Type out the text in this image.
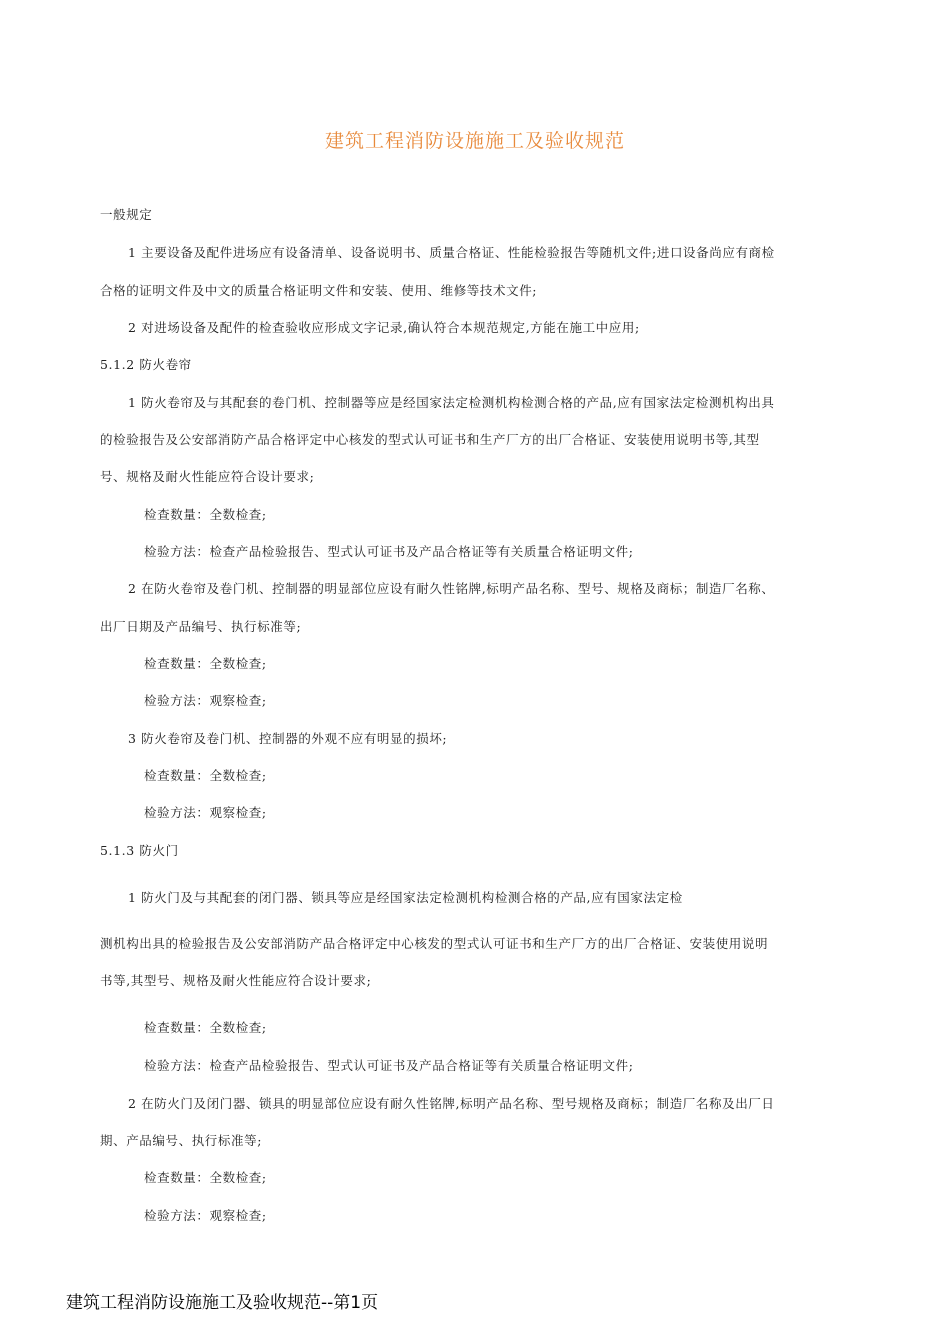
建筑工程消防设施施工及验收规范
一般规定
1 主要设备及配件进场应有设备清单、设备说明书、质量合格证、性能检验报告等随机文件;进口设备尚应有商检
合格的证明文件及中文的质量合格证明文件和安装、使用、维修等技术文件;
2 对进场设备及配件的检查验收应形成文字记录,确认符合本规范规定,方能在施工中应用;
5.1.2 防火卷帘
1 防火卷帘及与其配套的卷门机、控制器等应是经国家法定检测机构检测合格的产品,应有国家法定检测机构出具
的检验报告及公安部消防产品合格评定中心核发的型式认可证书和生产厂方的出厂合格证、安装使用说明书等,其型
号、规格及耐火性能应符合设计要求;
检查数量：全数检查;
检验方法：检查产品检验报告、型式认可证书及产品合格证等有关质量合格证明文件;
2 在防火卷帘及卷门机、控制器的明显部位应设有耐久性铭牌,标明产品名称、型号、规格及商标；制造厂名称、
出厂日期及产品编号、执行标准等;
检查数量：全数检查;
检验方法：观察检查;
3 防火卷帘及卷门机、控制器的外观不应有明显的损坏;
检查数量：全数检查;
检验方法：观察检查;
5.1.3 防火门
1 防火门及与其配套的闭门器、锁具等应是经国家法定检测机构检测合格的产品,应有国家法定检
测机构出具的检验报告及公安部消防产品合格评定中心核发的型式认可证书和生产厂方的出厂合格证、安装使用说明
书等,其型号、规格及耐火性能应符合设计要求;
检查数量：全数检查;
检验方法：检查产品检验报告、型式认可证书及产品合格证等有关质量合格证明文件;
2 在防火门及闭门器、锁具的明显部位应设有耐久性铭牌,标明产品名称、型号规格及商标；制造厂名称及出厂日
期、产品编号、执行标准等;
检查数量：全数检查;
检验方法：观察检查;
建筑工程消防设施施工及验收规范--第1页
